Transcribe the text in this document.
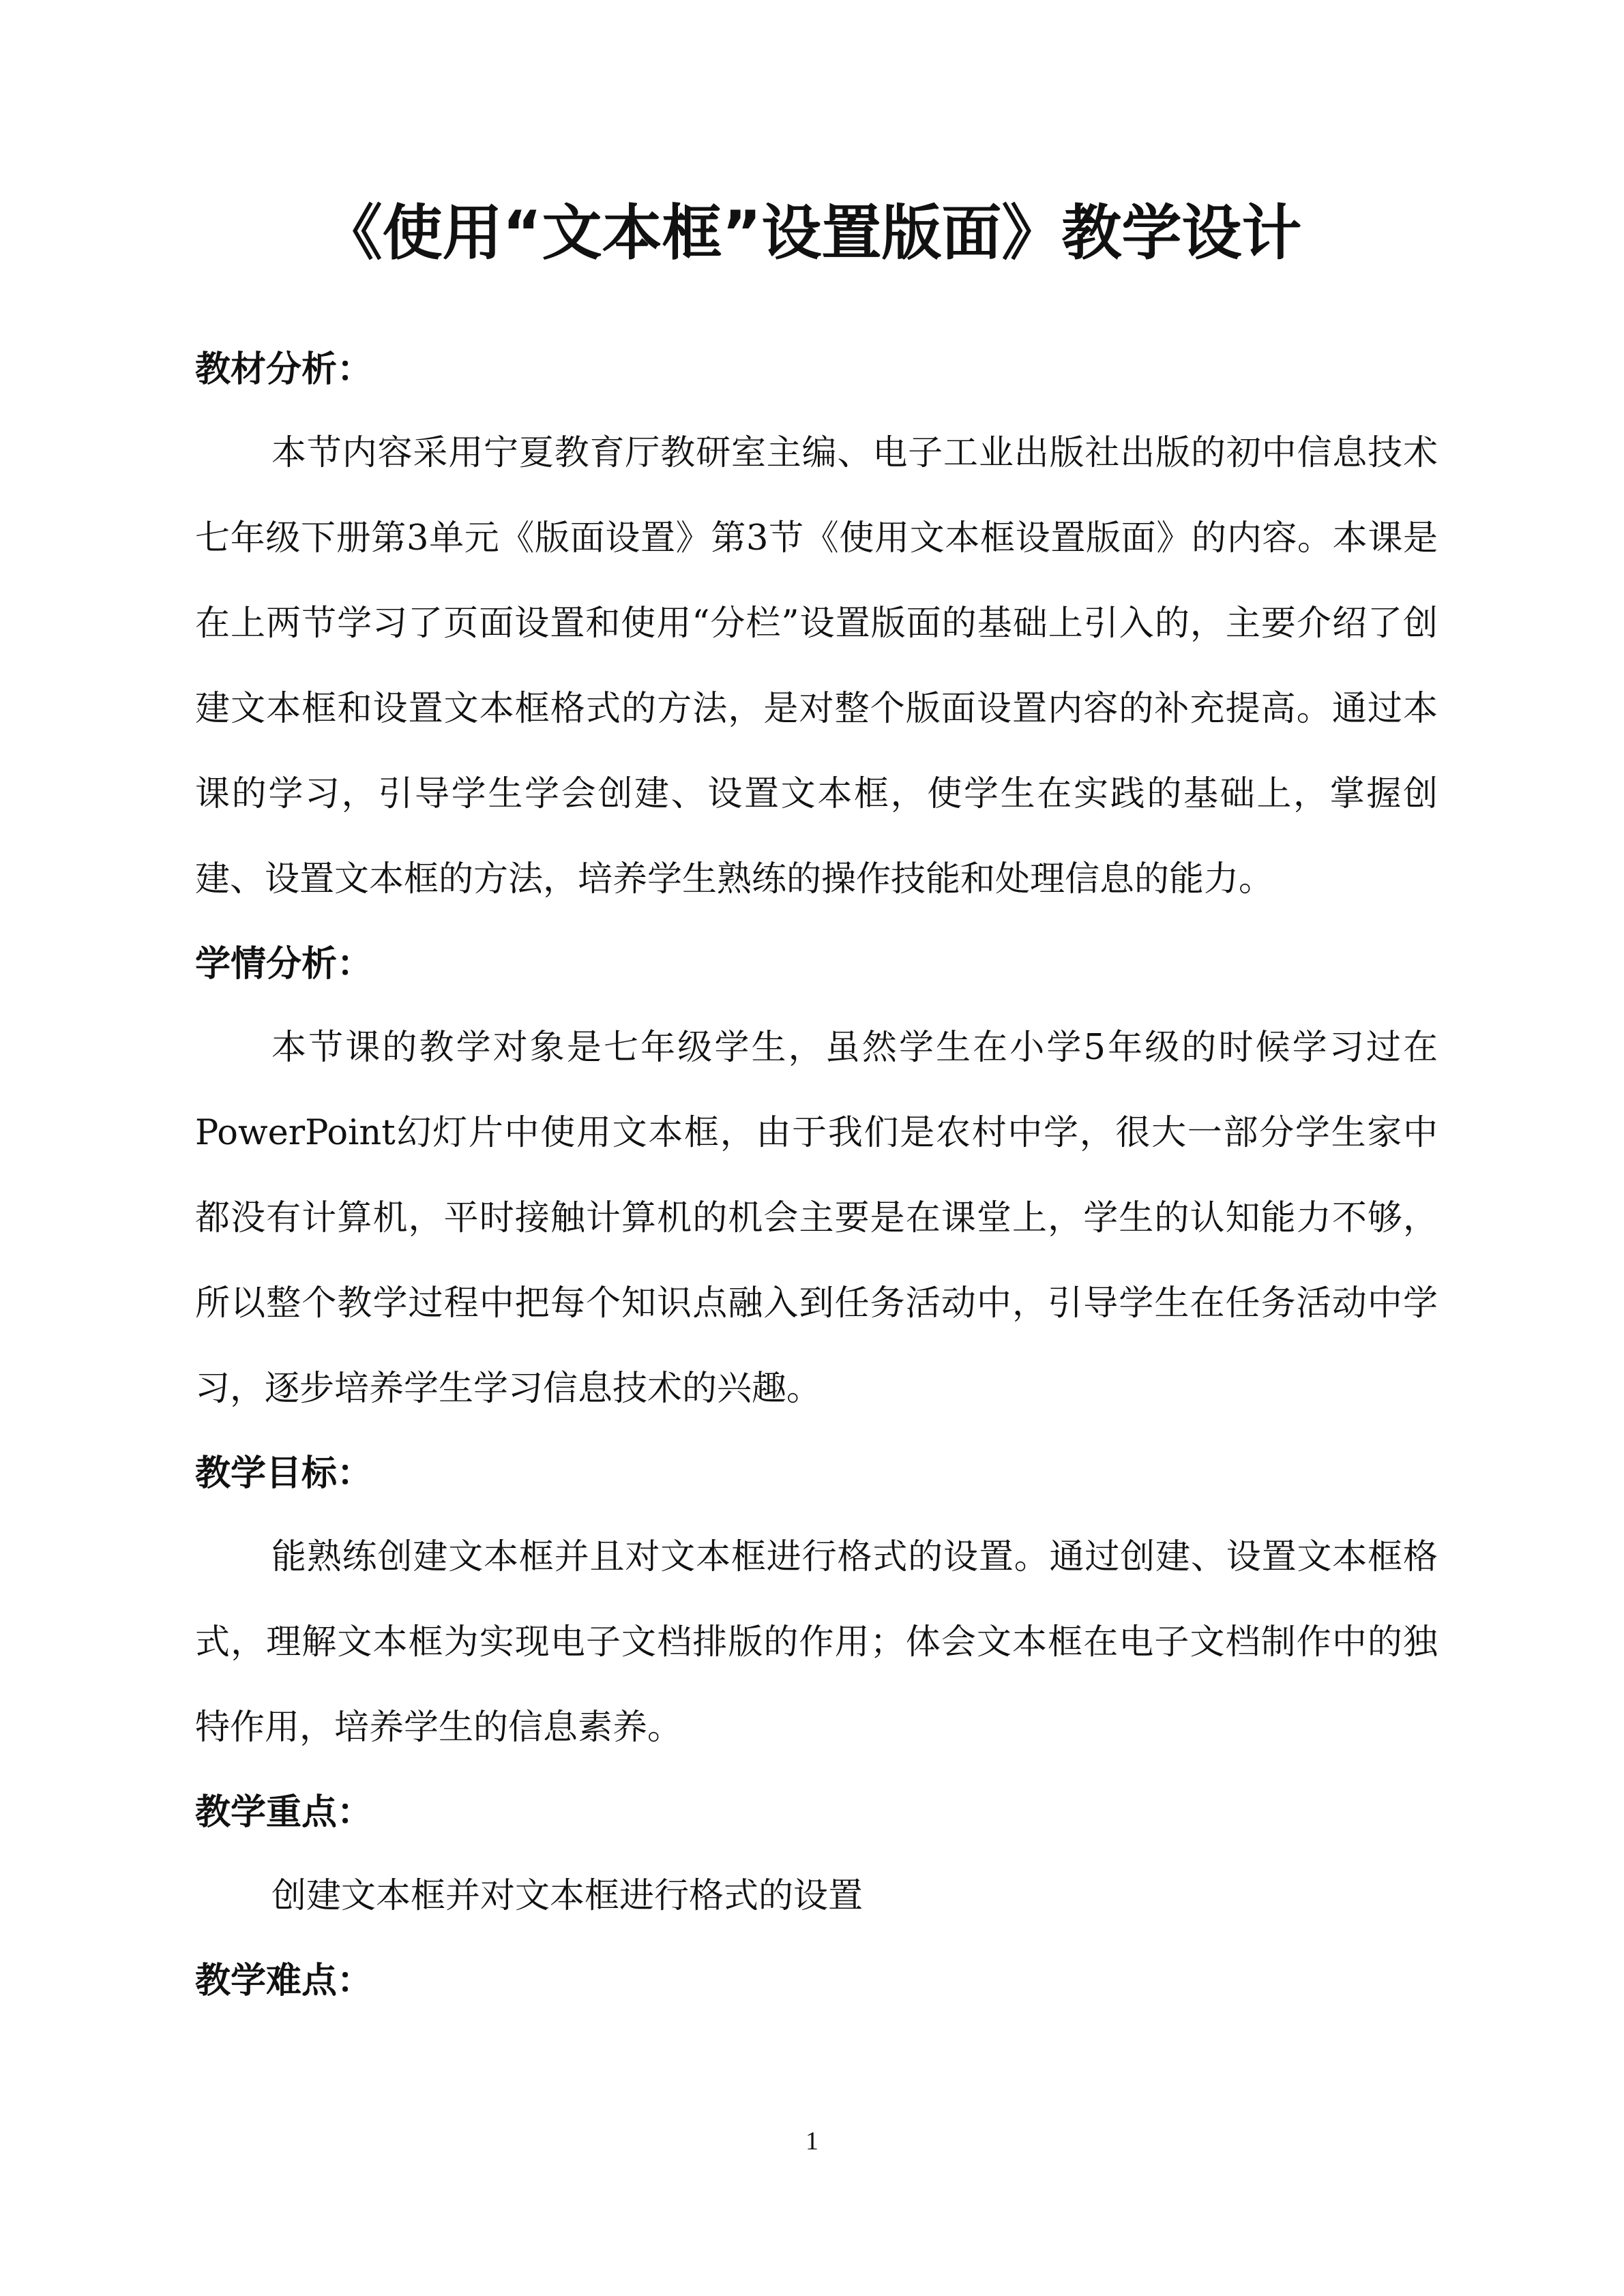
《使用“文本框”设置版面》教学设计
教材分析：

本节内容采用宁夏教育厅教研室主编、电子工业出版社出版的初中信息技术七年级下册第3单元《版面设置》第3节《使用文本框设置版面》的内容。本课是在上两节学习了页面设置和使用“分栏”设置版面的基础上引入的，主要介绍了创建文本框和设置文本框格式的方法，是对整个版面设置内容的补充提高。通过本课的学习，引导学生学会创建、设置文本框，使学生在实践的基础上，掌握创建、设置文本框的方法，培养学生熟练的操作技能和处理信息的能力。

学情分析：

本节课的教学对象是七年级学生，虽然学生在小学5年级的时候学习过在PowerPoint幻灯片中使用文本框，由于我们是农村中学，很大一部分学生家中都没有计算机，平时接触计算机的机会主要是在课堂上，学生的认知能力不够，所以整个教学过程中把每个知识点融入到任务活动中，引导学生在任务活动中学习，逐步培养学生学习信息技术的兴趣。

教学目标：

能熟练创建文本框并且对文本框进行格式的设置。通过创建、设置文本框格式，理解文本框为实现电子文档排版的作用；体会文本框在电子文档制作中的独特作用，培养学生的信息素养。

教学重点：

创建文本框并对文本框进行格式的设置

教学难点：
1
